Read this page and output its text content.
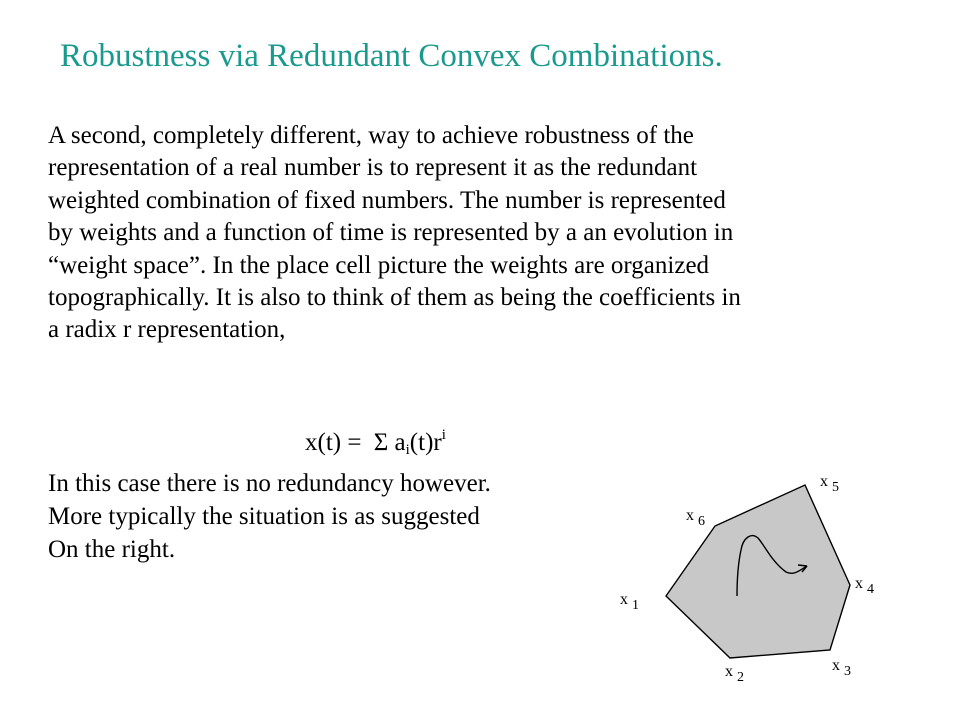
Robustness via Redundant Convex Combinations.
A second, completely different, way to achieve robustness of the
representation of a real number is to represent it as the redundant
weighted combination of fixed numbers. The number is represented
by weights and a function of time is represented by a an evolution in
“weight space”. In the place cell picture the weights are organized
topographically. It is also to think of them as being the coefficients in
a radix r representation,
x(t) = Σ $a_i(t)r^i$
In this case there is no redundancy however.
More typically the situation is as suggested
On the right.
x 1
x 2
x 3
x 4
x 5
x 6
